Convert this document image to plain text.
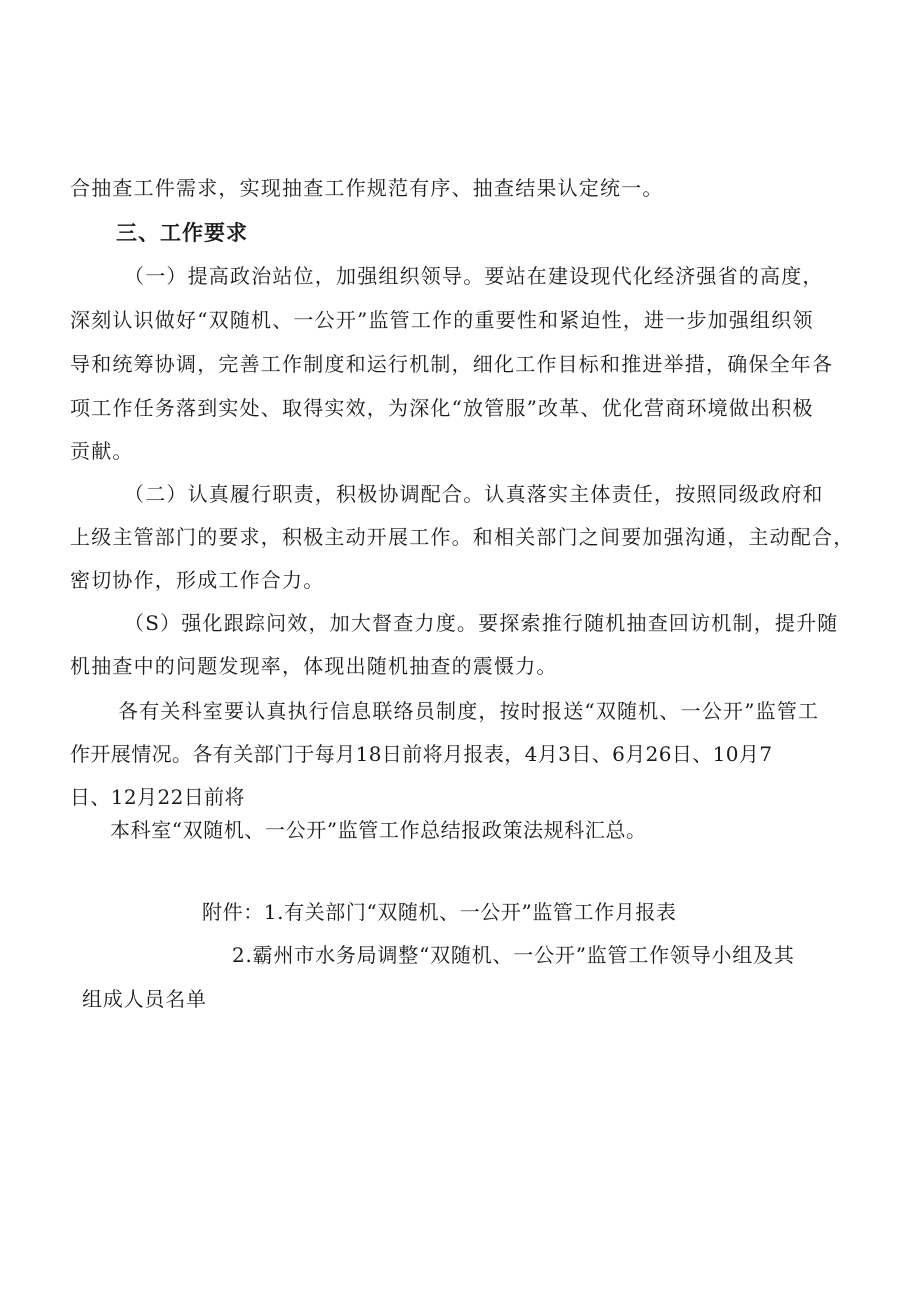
合抽查工件需求，实现抽查工作规范有序、抽查结果认定统一。
三、工作要求
（一）提高政治站位，加强组织领导。要站在建设现代化经济强省的高度，
深刻认识做好“双随机、一公开”监管工作的重要性和紧迫性，进一步加强组织领
导和统筹协调，完善工作制度和运行机制，细化工作目标和推进举措，确保全年各
项工作任务落到实处、取得实效，为深化“放管服”改革、优化营商环境做出积极
贡献。
（二）认真履行职责，积极协调配合。认真落实主体责任，按照同级政府和
上级主管部门的要求，积极主动开展工作。和相关部门之间要加强沟通，主动配合，
密切协作，形成工作合力。
（S）强化跟踪问效，加大督查力度。要探索推行随机抽查回访机制，提升随
机抽查中的问题发现率，体现出随机抽查的震慑力。
各有关科室要认真执行信息联络员制度，按时报送“双随机、一公开”监管工
作开展情况。各有关部门于每月18日前将月报表，4月3日、6月26日、10月7
日、12月22日前将
本科室“双随机、一公开”监管工作总结报政策法规科汇总。
附件：1.有关部门“双随机、一公开”监管工作月报表
2.霸州市水务局调整“双随机、一公开”监管工作领导小组及其
组成人员名单
